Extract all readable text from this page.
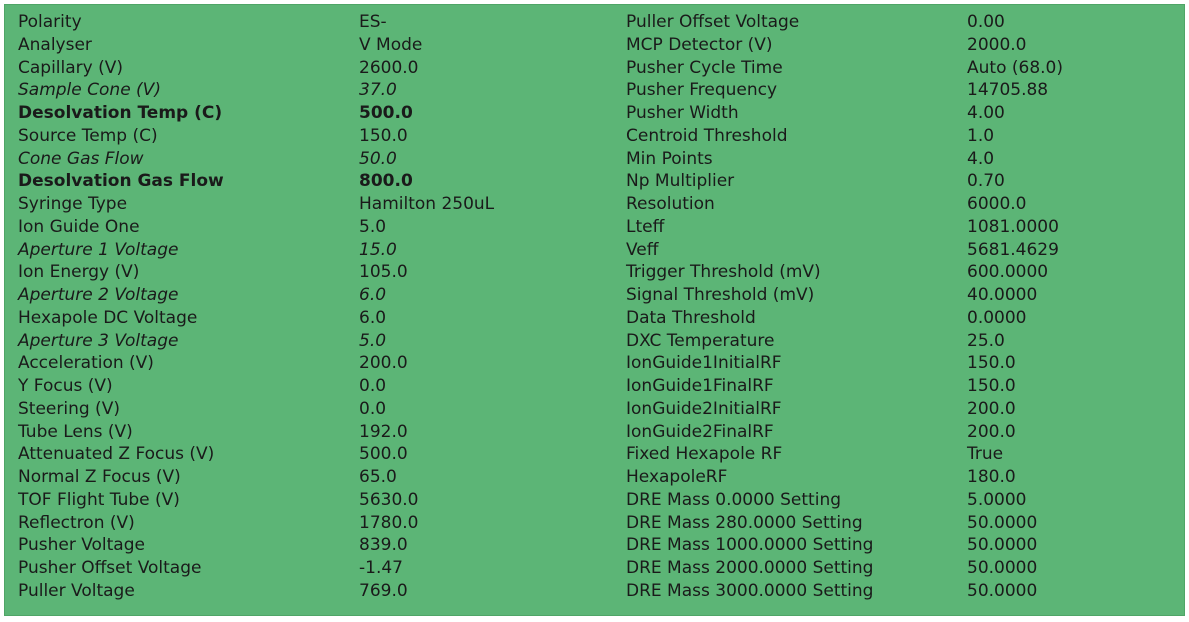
Polarity	ES-
Analyser	V Mode
Capillary (V)	2600.0
Sample Cone (V)	37.0
Desolvation Temp (C)	500.0
Source Temp (C)	150.0
Cone Gas Flow	50.0
Desolvation Gas Flow	800.0
Syringe Type	Hamilton 250uL
Ion Guide One	5.0
Aperture 1 Voltage	15.0
Ion Energy (V)	105.0
Aperture 2 Voltage	6.0
Hexapole DC Voltage	6.0
Aperture 3 Voltage	5.0
Acceleration (V)	200.0
Y Focus (V)	0.0
Steering (V)	0.0
Tube Lens (V)	192.0
Attenuated Z Focus (V)	500.0
Normal Z Focus (V)	65.0
TOF Flight Tube (V)	5630.0
Reflectron (V)	1780.0
Pusher Voltage	839.0
Pusher Offset Voltage	-1.47
Puller Voltage	769.0
Puller Offset Voltage	0.00
MCP Detector (V)	2000.0
Pusher Cycle Time	Auto (68.0)
Pusher Frequency	14705.88
Pusher Width	4.00
Centroid Threshold	1.0
Min Points	4.0
Np Multiplier	0.70
Resolution	6000.0
Lteff	1081.0000
Veff	5681.4629
Trigger Threshold (mV)	600.0000
Signal Threshold (mV)	40.0000
Data Threshold	0.0000
DXC Temperature	25.0
IonGuide1InitialRF	150.0
IonGuide1FinalRF	150.0
IonGuide2InitialRF	200.0
IonGuide2FinalRF	200.0
Fixed Hexapole RF	True
HexapoleRF	180.0
DRE Mass 0.0000 Setting	5.0000
DRE Mass 280.0000 Setting	50.0000
DRE Mass 1000.0000 Setting	50.0000
DRE Mass 2000.0000 Setting	50.0000
DRE Mass 3000.0000 Setting	50.0000
